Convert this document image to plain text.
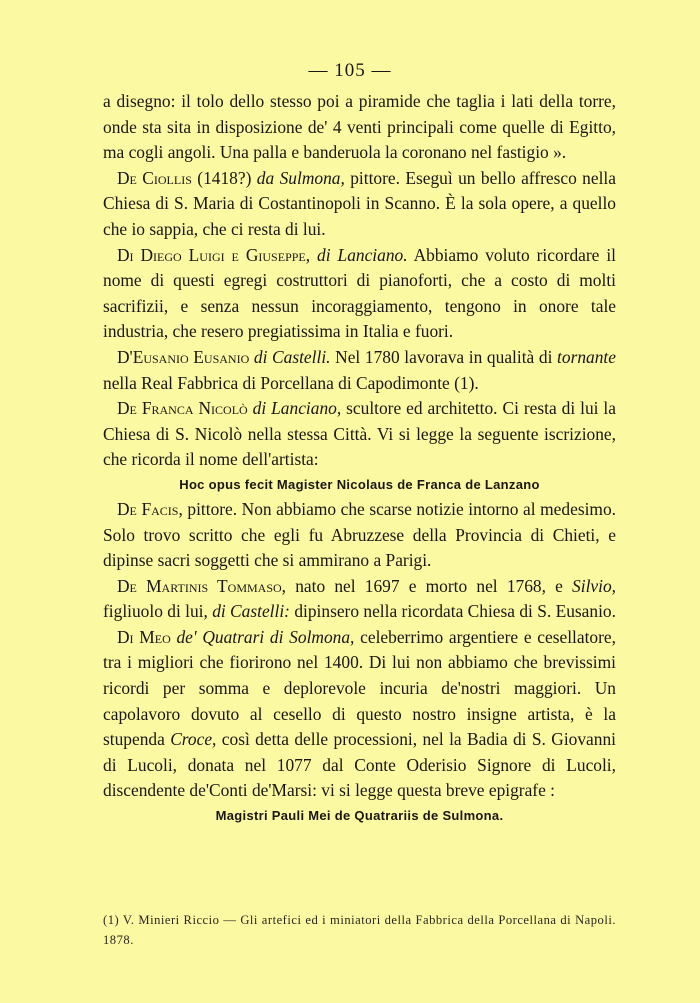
— 105 —

a disegno: il tolo dello stesso poi a piramide che taglia i lati della torre, onde sta sita in disposizione de' 4 venti principali come quelle di Egitto, ma cogli angoli. Una palla e banderuola la coronano nel fastigio ».

De Ciollis (1418?) da Sulmona, pittore. Eseguì un bello affresco nella Chiesa di S. Maria di Costantinopoli in Scanno. È la sola opere, a quello che io sappia, che ci resta di lui.

Di Diego Luigi e Giuseppe, di Lanciano. Abbiamo voluto ricordare il nome di questi egregi costruttori di pianoforti, che a costo di molti sacrifizii, e senza nessun incoraggiamento, tengono in onore tale industria, che resero pregiatissima in Italia e fuori.

D'Eusanio Eusanio di Castelli. Nel 1780 lavorava in qualità di tornante nella Real Fabbrica di Porcellana di Capodimonte (1).

De Franca Nicolò di Lanciano, scultore ed architetto. Ci resta di lui la Chiesa di S. Nicolò nella stessa Città. Vi si legge la seguente iscrizione, che ricorda il nome dell'artista:

Hoc opus fecit Magister Nicolaus de Franca de Lanzano

De Facis, pittore. Non abbiamo che scarse notizie intorno al medesimo. Solo trovo scritto che egli fu Abruzzese della Provincia di Chieti, e dipinse sacri soggetti che si ammirano a Parigi.

De Martinis Tommaso, nato nel 1697 e morto nel 1768, e Silvio, figliuolo di lui, di Castelli: dipinsero nella ricordata Chiesa di S. Eusanio.

Di Meo de' Quatrari di Solmona, celeberrimo argentiere e cesellatore, tra i migliori che fiorirono nel 1400. Di lui non abbiamo che brevissimi ricordi per somma e deplorevole incuria de'nostri maggiori. Un capolavoro dovuto al cesello di questo nostro insigne artista, è la stupenda Croce, così detta delle processioni, nel la Badia di S. Giovanni di Lucoli, donata nel 1077 dal Conte Oderisio Signore di Lucoli, discendente de'Conti de'Marsi: vi si legge questa breve epigrafe :

Magistri Pauli Mei de Quatrariis de Sulmona.

(1) V. Minieri Riccio — Gli artefici ed i miniatori della Fabbrica della Porcellana di Napoli. 1878.
